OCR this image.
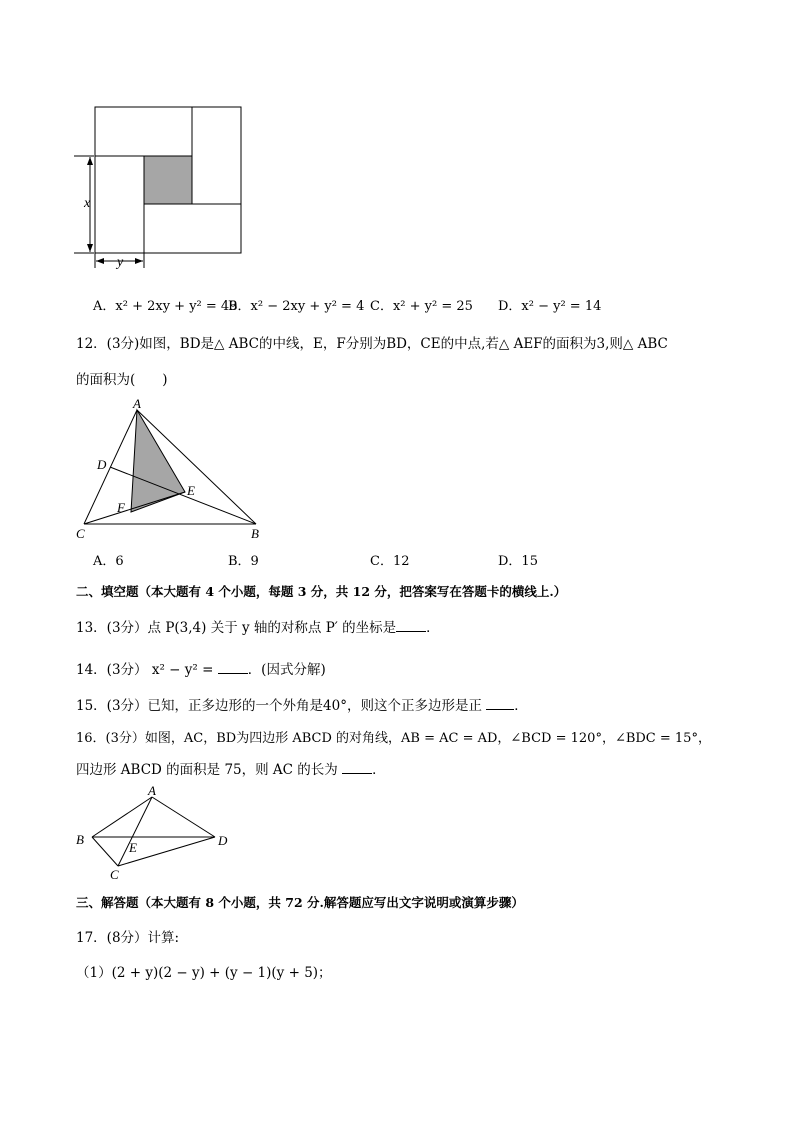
x
y
A．x² + 2xy + y² = 49
B．x² − 2xy + y² = 4 C．x² + y² = 25 D．x² − y² = 14
12．(3分)如图，BD是△ ABC的中线，E，F分别为BD，CE的中点,若△ AEF的面积为3,则△ ABC
的面积为(　　)
A
D
E
F
C	B
A．6	B．9	C．12	D．15
二、填空题（本大题有 4 个小题，每题 3 分，共 12 分，把答案写在答题卡的横线上.）
13．(3分）点 P(3,4) 关于 y 轴的对称点 P′ 的坐标是 ．
14．(3分） x² − y² = ．(因式分解)
15．(3分）已知，正多边形的一个外角是40°，则这个正多边形是正 ．
16．(3分）如图，AC，BD为四边形 ABCD 的对角线，AB = AC = AD，∠BCD = 120°，∠BDC = 15°，
四边形 ABCD 的面积是 75，则 AC 的长为 ．
A
B	D
E
C
三、解答题（本大题有 8 个小题，共 72 分.解答题应写出文字说明或演算步骤）
17．(8分）计算:
（1）(2 + y)(2 − y) + (y − 1)(y + 5)；
